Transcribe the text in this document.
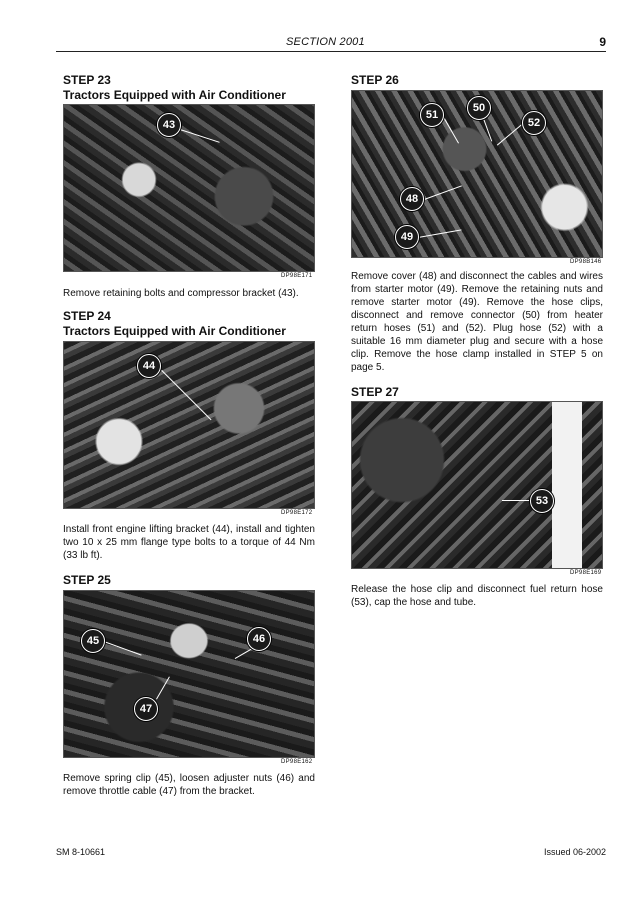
SECTION 2001	9
STEP 23
Tractors Equipped with Air Conditioner
43
DP98E171
Remove retaining bolts and compressor bracket (43).
STEP 24
Tractors Equipped with Air Conditioner
44
DP98E172
Install front engine lifting bracket (44), install and tighten two 10 x 25 mm flange type bolts to a torque of 44 Nm (33 lb ft).
STEP 25
45	46
47
DP98E162
Remove spring clip (45), loosen adjuster nuts (46) and remove throttle cable (47) from the bracket.
STEP 26
51
50
52
48
49
DP98B146
Remove cover (48) and disconnect the cables and wires from starter motor (49). Remove the retaining nuts and remove starter motor (49). Remove the hose clips, disconnect and remove connector (50) from heater return hoses (51) and (52). Plug hose (52) with a suitable 16 mm diameter plug and secure with a hose clip. Remove the hose clamp installed in STEP 5 on page 5.
STEP 27
53
DP98E169
Release the hose clip and disconnect fuel return hose (53), cap the hose and tube.
SM 8-10661	Issued 06-2002
